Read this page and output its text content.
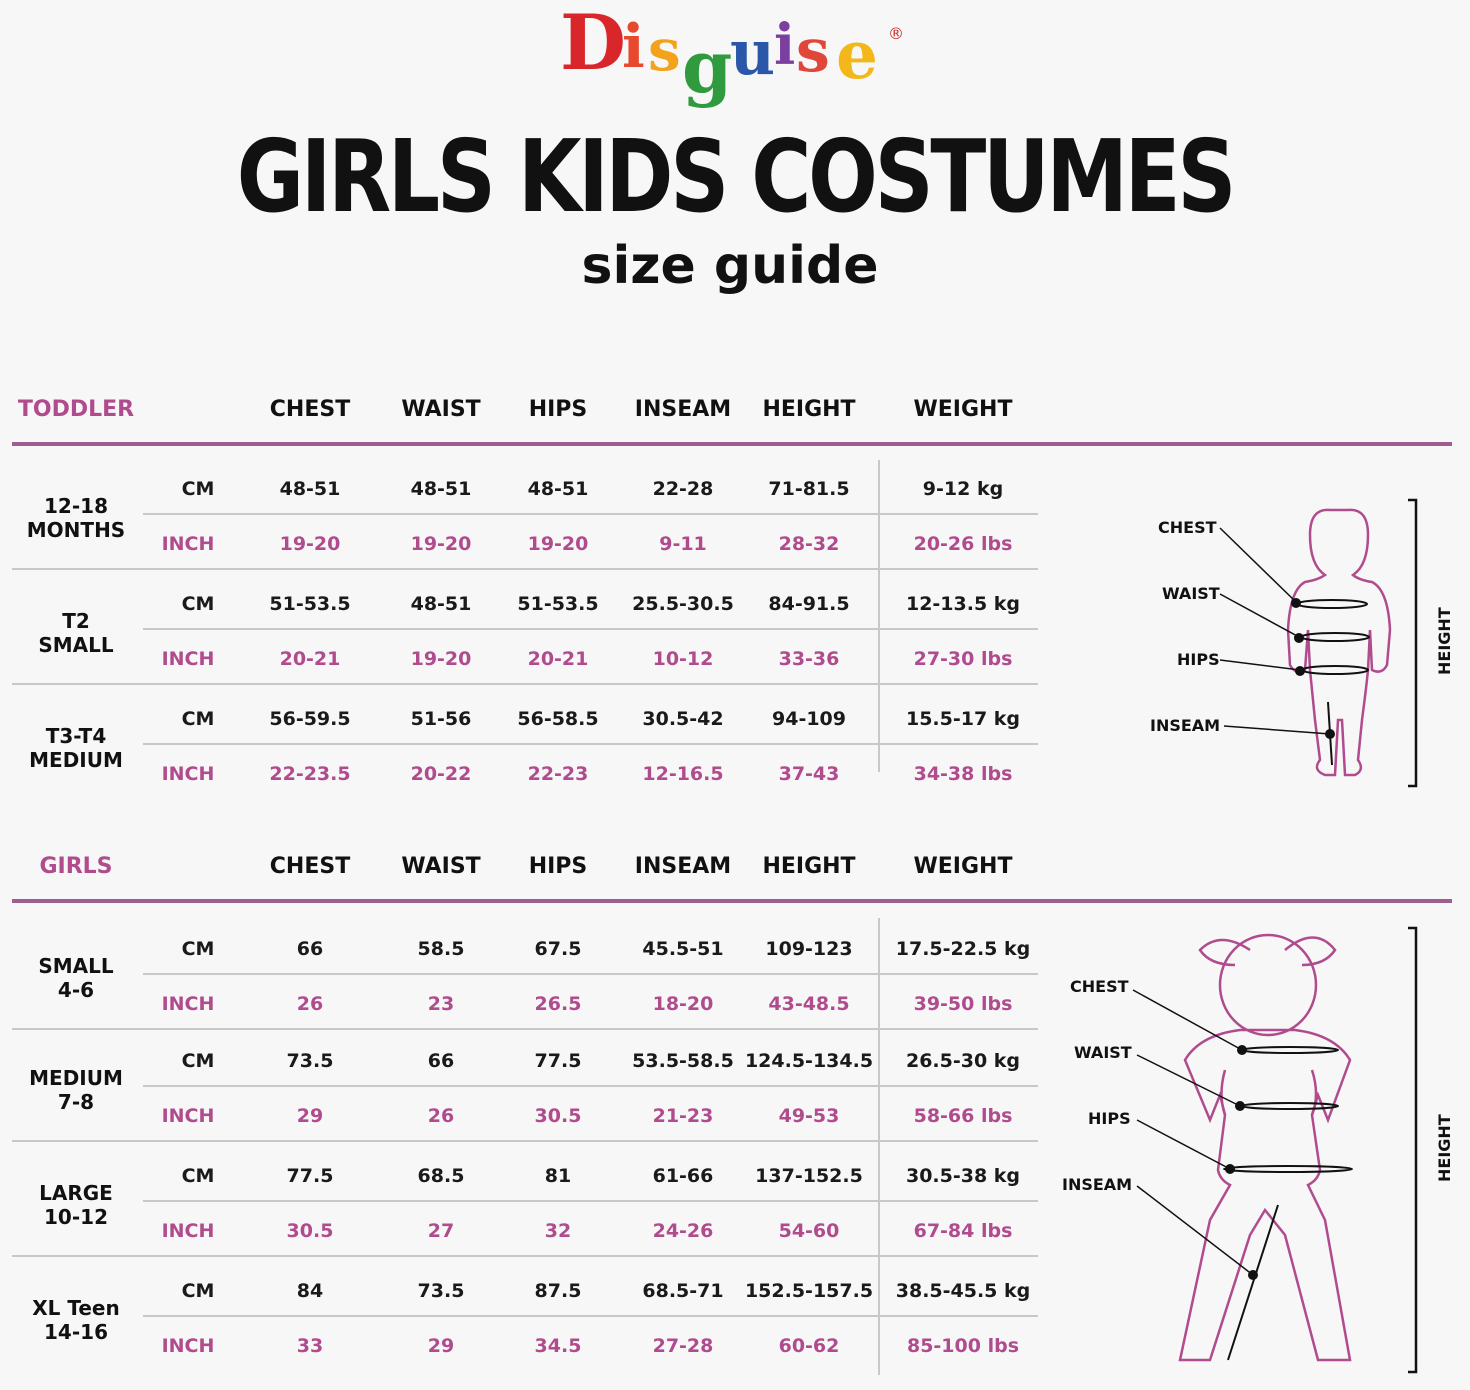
D
i s g
u
i s e ®
GIRLS KIDS COSTUMES
size guide
TODDLER	CHEST	WAIST	HIPS	INSEAM	HEIGHT	WEIGHT
12-18
MONTHS
CM
INCH
48-51	48-51	48-51	22-28	71-81.5	9-12 kg
19-20	19-20	19-20	9-11	28-32	20-26 lbs
T2
SMALL
CM
INCH
51-53.5	48-51	51-53.5	25.5-30.5	84-91.5	12-13.5 kg
20-21	19-20	20-21	10-12	33-36	27-30 lbs
T3-T4
MEDIUM
CM
INCH
56-59.5	51-56	56-58.5	30.5-42	94-109	15.5-17 kg
22-23.5	20-22	22-23	12-16.5	37-43	34-38 lbs
GIRLS	CHEST	WAIST	HIPS	INSEAM	HEIGHT	WEIGHT
SMALL
4-6
CM
INCH
66	58.5	67.5	45.5-51	109-123	17.5-22.5 kg
26	23	26.5	18-20	43-48.5	39-50 lbs
MEDIUM
7-8
CM
INCH
73.5	66	77.5	53.5-58.5 124.5-134.5	26.5-30 kg
29	26	30.5	21-23	49-53	58-66 lbs
LARGE
10-12
CM
INCH
77.5	68.5	81	61-66	137-152.5	30.5-38 kg
30.5	27	32	24-26	54-60	67-84 lbs
XL Teen
14-16
CM
INCH
84	73.5	87.5	68.5-71	152.5-157.5	38.5-45.5 kg
33	29	34.5	27-28	60-62	85-100 lbs
CHEST
WAIST
HIPS
INSEAM
HEIGHT
CHEST
WAIST
HIPS
INSEAM
HEIGHT
